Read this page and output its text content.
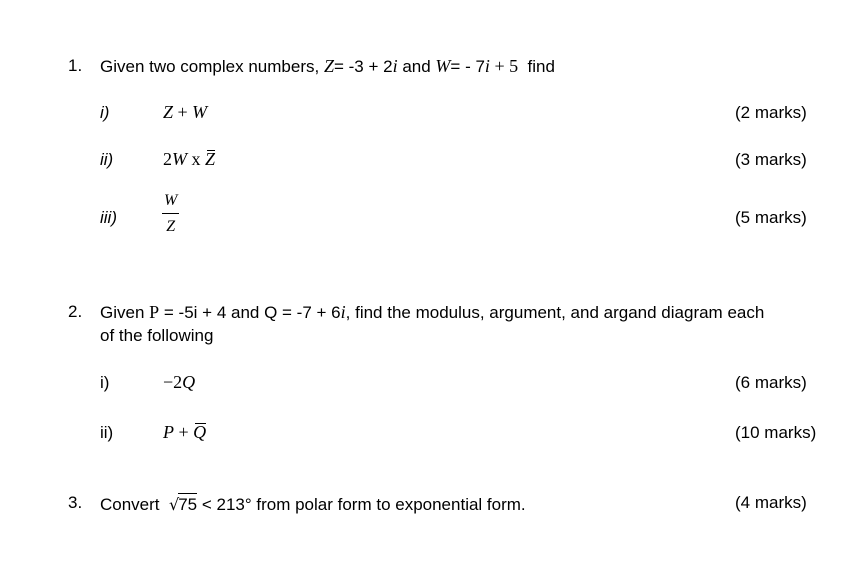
1. Given two complex numbers, Z= -3 + 2i and W= - 7i + 5 find
i)	Z + W	(2 marks)
ii)	2W x Z	(3 marks)
iii)
W
Z	(5 marks)
2. Given P = -5i + 4 and Q = -7 + 6i, find the modulus, argument, and argand diagram each
of the following
i)	−2Q	(6 marks)
ii)	P + Q	(10 marks)
3. Convert √75 < 213° from polar form to exponential form.	(4 marks)
